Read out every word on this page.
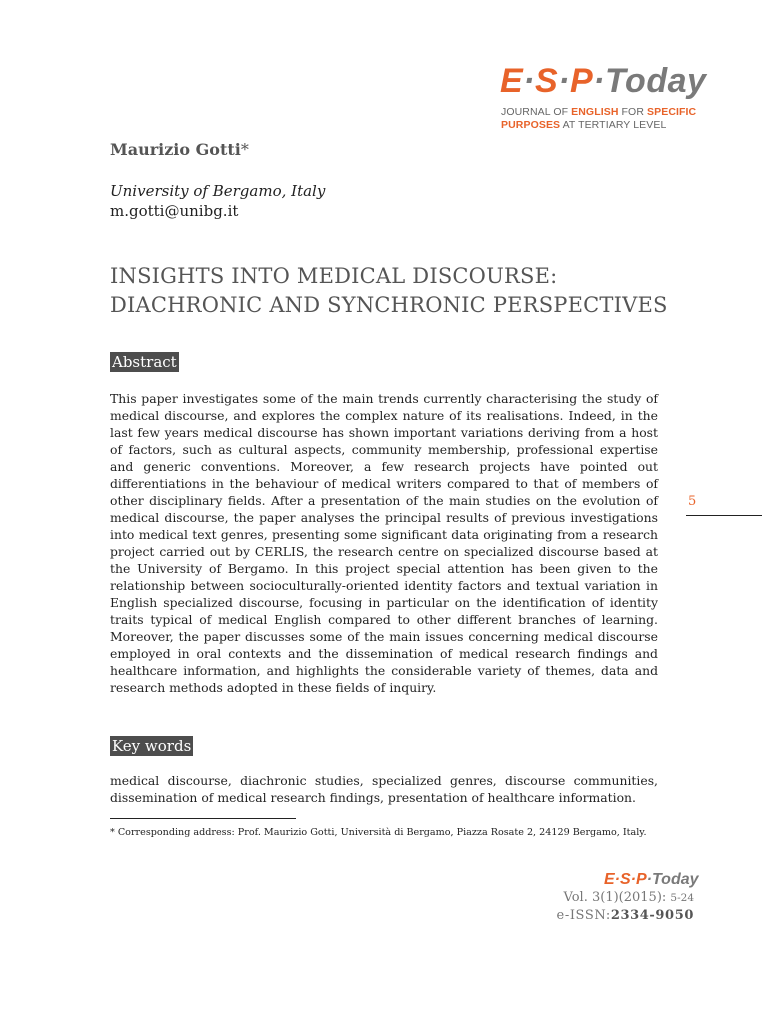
E·S·P·Today
JOURNAL OF ENGLISH FOR SPECIFIC
PURPOSES AT TERTIARY LEVEL
Maurizio Gotti*
University of Bergamo, Italy
m.gotti@unibg.it
INSIGHTS INTO MEDICAL DISCOURSE:
DIACHRONIC AND SYNCHRONIC PERSPECTIVES
Abstract
This paper investigates some of the main trends currently characterising the study of medical discourse, and explores the complex nature of its realisations. Indeed, in the last few years medical discourse has shown important variations deriving from a host of factors, such as cultural aspects, community membership, professional expertise and generic conventions. Moreover, a few research projects have pointed out differentiations in the behaviour of medical writers compared to that of members of other disciplinary fields. After a presentation of the main studies on the evolution of medical discourse, the paper analyses the principal results of previous investigations into medical text genres, presenting some significant data originating from a research project carried out by CERLIS, the research centre on specialized discourse based at the University of Bergamo. In this project special attention has been given to the relationship between socioculturally-oriented identity factors and textual variation in English specialized discourse, focusing in particular on the identification of identity traits typical of medical English compared to other different branches of learning. Moreover, the paper discusses some of the main issues concerning medical discourse employed in oral contexts and the dissemination of medical research findings and healthcare information, and highlights the considerable variety of themes, data and research methods adopted in these fields of inquiry.
5
Key words
medical discourse, diachronic studies, specialized genres, discourse communities, dissemination of medical research findings, presentation of healthcare information.
* Corresponding address: Prof. Maurizio Gotti, Università di Bergamo, Piazza Rosate 2, 24129 Bergamo, Italy.
E·S·P·Today
Vol. 3(1)(2015): 5-24
e-ISSN:2334-9050
